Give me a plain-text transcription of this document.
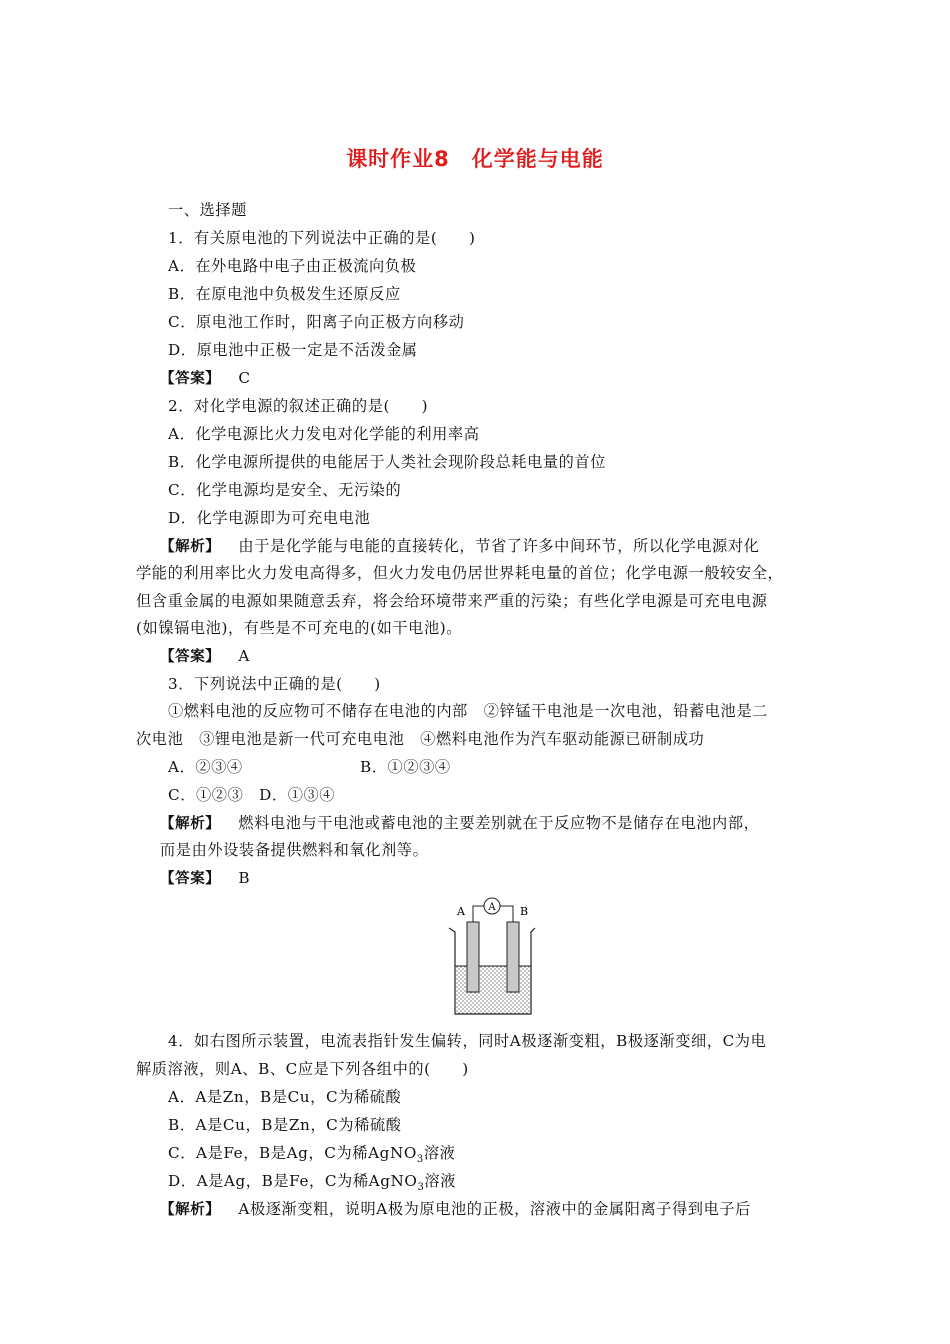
课时作业8　化学能与电能
一、选择题
1．有关原电池的下列说法中正确的是(　　)
A．在外电路中电子由正极流向负极
B．在原电池中负极发生还原反应
C．原电池工作时，阳离子向正极方向移动
D．原电池中正极一定是不活泼金属
【答案】 C
2．对化学电源的叙述正确的是(　　)
A．化学电源比火力发电对化学能的利用率高
B．化学电源所提供的电能居于人类社会现阶段总耗电量的首位
C．化学电源均是安全、无污染的
D．化学电源即为可充电电池
【解析】 由于是化学能与电能的直接转化，节省了许多中间环节，所以化学电源对化
学能的利用率比火力发电高得多，但火力发电仍居世界耗电量的首位；化学电源一般较安全，
但含重金属的电源如果随意丢弃，将会给环境带来严重的污染；有些化学电源是可充电电源
(如镍镉电池)，有些是不可充电的(如干电池)。
【答案】 A
3．下列说法中正确的是(　　)
①燃料电池的反应物可不储存在电池的内部　②锌锰干电池是一次电池，铅蓄电池是二
次电池　③锂电池是新一代可充电电池　④燃料电池作为汽车驱动能源已研制成功
A．②③④	B．①②③④
C．①②③　D．①③④
【解析】 燃料电池与干电池或蓄电池的主要差别就在于反应物不是储存在电池内部，
而是由外设装备提供燃料和氧化剂等。
【答案】 B
A
A	B
4．如右图所示装置，电流表指针发生偏转，同时A极逐渐变粗，B极逐渐变细，C为电
解质溶液，则A、B、C应是下列各组中的(　　)
A．A是Zn，B是Cu，C为稀硫酸
B．A是Cu，B是Zn，C为稀硫酸
C．A是Fe，B是Ag，C为稀AgNO$_3$溶液
D．A是Ag，B是Fe，C为稀AgNO$_3$溶液
【解析】 A极逐渐变粗，说明A极为原电池的正极，溶液中的金属阳离子得到电子后
